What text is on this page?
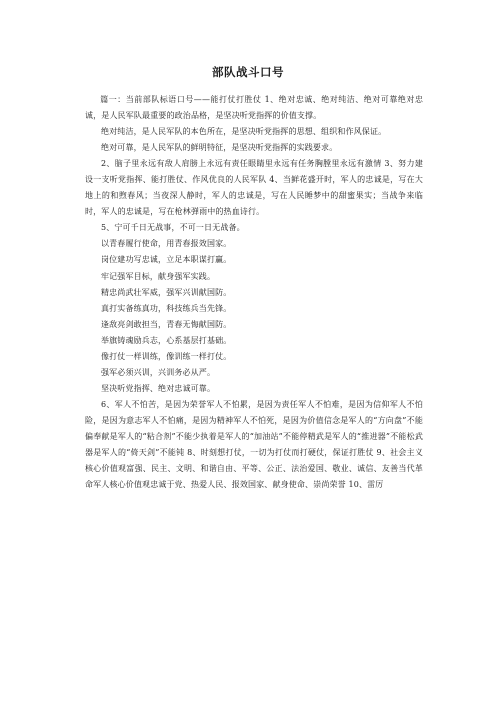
部队战斗口号

篇一：当前部队标语口号——能打仗打胜仗 1、绝对忠诚、绝对纯洁、绝对可靠绝对忠诚，是人民军队最重要的政治品格，是坚决听党指挥的价值支撑。

绝对纯洁，是人民军队的本色所在，是坚决听党指挥的思想、组织和作风保证。

绝对可靠，是人民军队的鲜明特征，是坚决听党指挥的实践要求。

2、脑子里永远有敌人肩膀上永远有责任眼睛里永远有任务胸膛里永远有激情 3、努力建设一支听党指挥、能打胜仗、作风优良的人民军队 4、当鲜花盛开时，军人的忠诚是，写在大地上的和煦春风；当夜深人静时，军人的忠诚是，写在人民睡梦中的甜蜜果实；当战争来临时，军人的忠诚是，写在枪林弹雨中的热血诗行。

5、宁可千日无战事，不可一日无战备。

以青春履行使命，用青春报效国家。

岗位建功写忠诚，立足本职谋打赢。

牢记强军目标，献身强军实践。

精忠尚武壮军威，强军兴训献国防。

真打实备练真功，科技练兵当先锋。

逢敌亮剑敢担当，青春无悔献国防。

举旗铸魂励兵志，心系基层打基础。

像打仗一样训练，像训练一样打仗。

强军必须兴训，兴训务必从严。

坚决听党指挥、绝对忠诚可靠。

6、军人不怕苦，是因为荣誉军人不怕累，是因为责任军人不怕难，是因为信仰军人不怕险，是因为意志军人不怕痛，是因为精神军人不怕死，是因为价值信念是军人的“方向盘”不能偏奉献是军人的“粘合剂”不能少执着是军人的“加油站”不能停精武是军人的“推进器”不能松武器是军人的“倚天剑”不能钝 8、时刻想打仗，一切为打仗而打硬仗，保证打胜仗 9、社会主义核心价值观富强、民主、文明、和谐自由、平等、公正、法治爱国、敬业、诚信、友善当代革命军人核心价值观忠诚于党、热爱人民、报效国家、献身使命、崇尚荣誉 10、雷厉
